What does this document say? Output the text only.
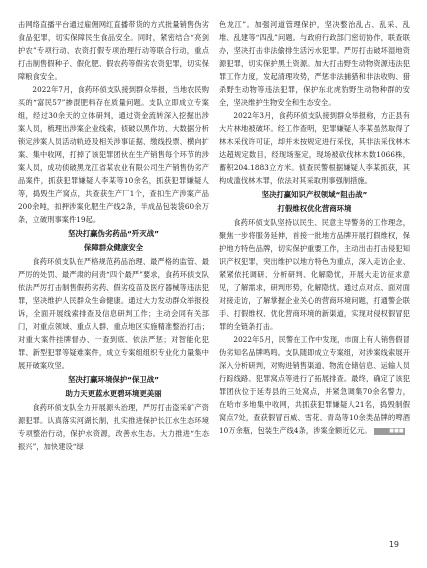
击网络直播平台通过雇佣网红直播带货的方式批量销售伪劣食品犯罪，切实保障民生食品安全。同时，紧密结合“亮剑护农”专项行动、农资打假专项治理行动等联合行动，重点打击制售假种子、假化肥、假农药等假劣农资犯罪，切实保障粮食安全。

2022年7月，食药环侦支队接到群众举报，当地农民购买的“富民57”掺混肥料存在质量问题。支队立即成立专案组，经过30余天的立体研判，通过资金流转深入挖掘出涉案人员，梳理出涉案企业线索，侦破以黑作坊、大数据分析锁定涉案人员活动轨迹及相关涉事证据、缴线投票、横向扩案、集中收网，打掉了该犯罪团伙在生产销售每个环节的涉案人员，成功侦破黑龙江省某农业有限公司生产销售伪劣产品案件，抓获犯罪嫌疑人李某等10余名，抓获犯罪嫌疑人等，捣毁生产窝点，共查获生产厂1个，查扣生产涉案产品200余吨，扣押涉案化肥生产线2条，半成品包装袋60余万条，立破刑事案件19起。

坚决打赢伪劣药品“歼灭战”
保障群众健康安全

食药环侦支队在严格规范药品治理、最严格的监管、最严厉的处罚、最严肃的问责“四个最严”要求，食药环侦支队依法严厉打击制售假药劣药、假劣疫苗及医疗器械等违法犯罪，坚决维护人民群众生命健康。通过大力发动群众举报投诉，全面开展线索排查及信息研判工作；主动会同有关部门，对重点领域、重点人群、重点地区实施精准整治打击；对重大案件挂牌督办、一查到底、依法严惩；对智能化犯罪、新型犯罪等疑难案件，成立专案组组织专业化力量集中展开破案攻坚。

坚决打赢环境保护“保卫战”
助力天更蓝水更碧环境更美丽

食药环侦支队全力开展源头治理，严厉打击盗采矿产资源犯罪。认真落实河湖长制，扎实推进保护长江水生态环境专项整治行动，保护水资源，改善水生态。大力推进“生态振兴”，加快建设“绿

色龙江”。加强河道管理保护，坚决整治乱占、乱采、乱堆、乱建等“四乱”问题。与政府行政部门密切协作，联查联办，坚决打击非法偷排生活污水犯罪。严厉打击破坏湿地资源犯罪，切实保护黑土资源。加大打击野生动物资源违法犯罪工作力度，发起清理攻势，严惩非法捕猎和非法收购、猎杀野生动物等违法犯罪，保护东北虎豹野生动物种群的安全，坚决维护生物安全和生态安全。

2022年3月，食药环侦支队接到群众举报称，方正县有大片林地被破坏。经工作查明，犯罪嫌疑人李某虽然取得了林木采伐许可证，却并未按规定进行采伐，其非法采伐林木达超规定数目，经现场鉴定，现场被砍伐林木数1066株，蓄积204.1883立方米。侦查民警根据嫌疑人李某抓获，其构成滥伐林木罪，依法对其采取刑事强制措施。

坚决打赢知识产权领域“阻击战”
打假维权优化营商环境

食药环侦支队坚持以民生、民意主导警务的工作理念，聚焦一步将服务延伸，首接一批地方品牌开展打假维权，保护地方特色品牌，切实保护重要工作，主动出击打击侵犯知识产权犯罪，突出维护以地方特色为重点，深入走访企业、紧紧依托调研、分析研判、化解隐忧，开展大走访征求意见，了解需求，研判形势，化解隐忧。通过点对点、面对面对接走访，了解掌握企业关心的营商环境问题，打通警企联手、打假维权、优化营商环境的新渠道，实现对侵权假冒犯罪的全链条打击。

2022年5月，民警在工作中发现，市面上有人销售假冒伪劣知名品牌鸣鸣。支队随即成立专案组，对涉案线索展开深入分析研判，对购进销售渠道、物流仓储信息、运输人员行踪线路、犯罪窝点等进行了拓展排查。最终，确定了该犯罪团伙位于延寿县的三处窝点，并紧急调集70余名警力，在哈市多地集中收网，共抓获犯罪嫌疑人21名，捣毁制假窝点7处，查获假冒百威、雪花、青岛等10余类品牌的啤酒10万余瓶，包装生产线4条，涉案金额近亿元。	■■■

19
